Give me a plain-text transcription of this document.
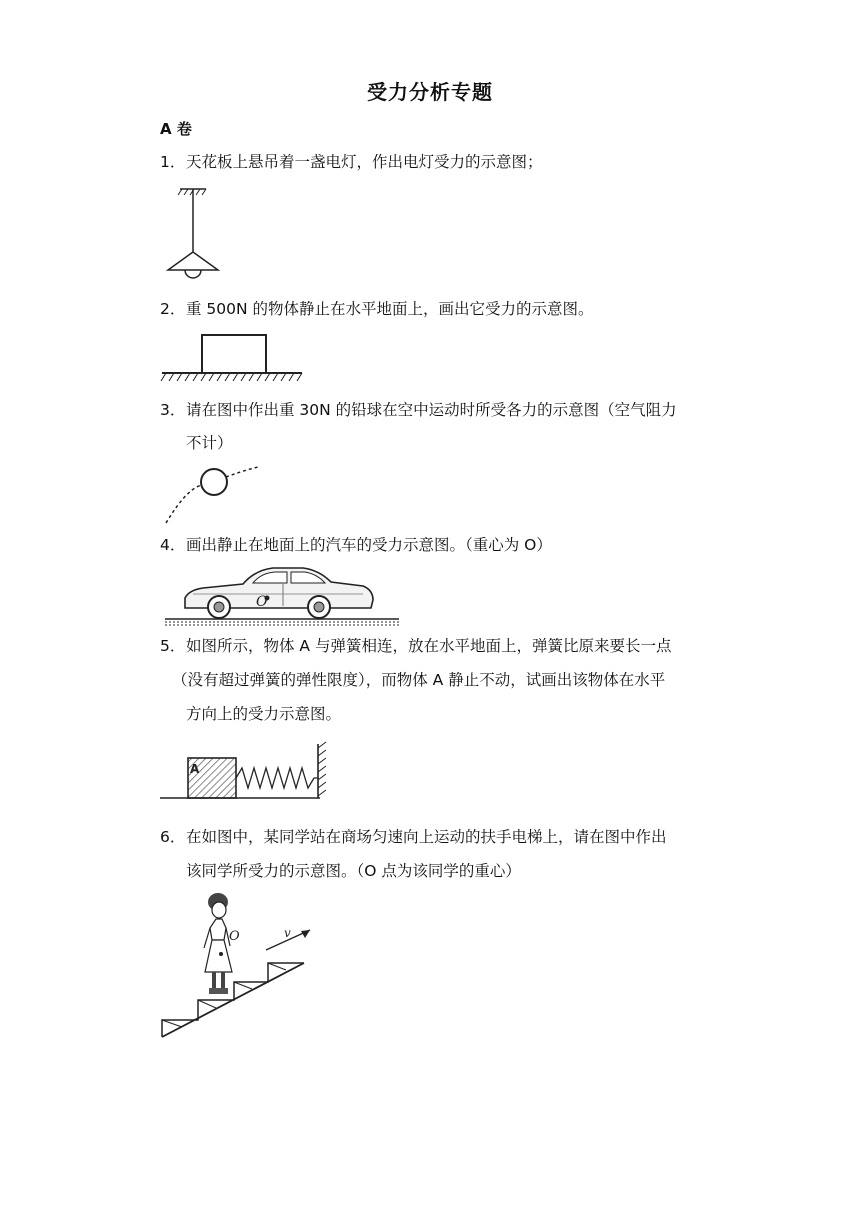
受力分析专题
A 卷
1．天花板上悬吊着一盏电灯，作出电灯受力的示意图；
2．重 500N 的物体静止在水平地面上，画出它受力的示意图。
3．请在图中作出重 30N 的铅球在空中运动时所受各力的示意图（空气阻力
不计）
4．画出静止在地面上的汽车的受力示意图。（重心为 O）
O
5．如图所示，物体 A 与弹簧相连，放在水平地面上，弹簧比原来要长一点
（没有超过弹簧的弹性限度），而物体 A 静止不动，试画出该物体在水平
方向上的受力示意图。
A
6．在如图中，某同学站在商场匀速向上运动的扶手电梯上，请在图中作出
该同学所受力的示意图。（O 点为该同学的重心）
O	v
